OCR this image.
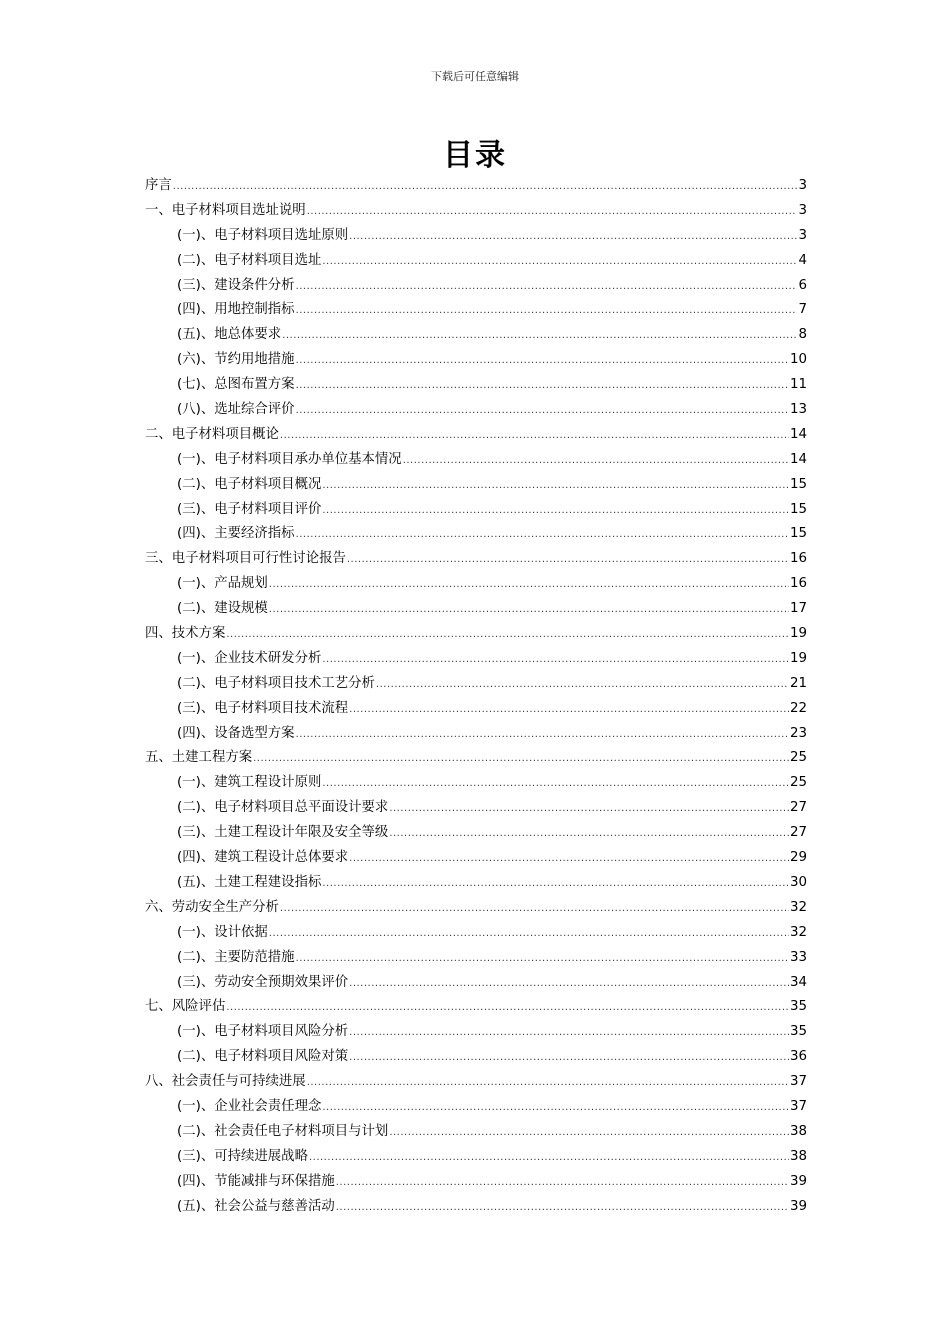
下载后可任意编辑
目录
序言 .....	3
一、电子材料项目选址说明 .....	3
(一)、电子材料项目选址原则 .....	3
(二)、电子材料项目选址 .....	4
(三)、建设条件分析 .....	6
(四)、用地控制指标 .....	7
(五)、地总体要求 .....	8
(六)、节约用地措施 .....	10
(七)、总图布置方案 .....	11
(八)、选址综合评价 .....	13
二、电子材料项目概论 .....	14
(一)、电子材料项目承办单位基本情况 .....	14
(二)、电子材料项目概况 .....	15
(三)、电子材料项目评价 .....	15
(四)、主要经济指标 .....	15
三、电子材料项目可行性讨论报告 .....	16
(一)、产品规划 .....	16
(二)、建设规模 .....	17
四、技术方案 .....	19
(一)、企业技术研发分析 .....	19
(二)、电子材料项目技术工艺分析 .....	21
(三)、电子材料项目技术流程 .....	22
(四)、设备选型方案 .....	23
五、土建工程方案 .....	25
(一)、建筑工程设计原则 .....	25
(二)、电子材料项目总平面设计要求 .....	27
(三)、土建工程设计年限及安全等级 .....	27
(四)、建筑工程设计总体要求 .....	29
(五)、土建工程建设指标 .....	30
六、劳动安全生产分析 .....	32
(一)、设计依据 .....	32
(二)、主要防范措施 .....	33
(三)、劳动安全预期效果评价 .....	34
七、风险评估 .....	35
(一)、电子材料项目风险分析 .....	35
(二)、电子材料项目风险对策 .....	36
八、社会责任与可持续进展 .....	37
(一)、企业社会责任理念 .....	37
(二)、社会责任电子材料项目与计划 .....	38
(三)、可持续进展战略 .....	38
(四)、节能减排与环保措施 .....	39
(五)、社会公益与慈善活动 .....	39
